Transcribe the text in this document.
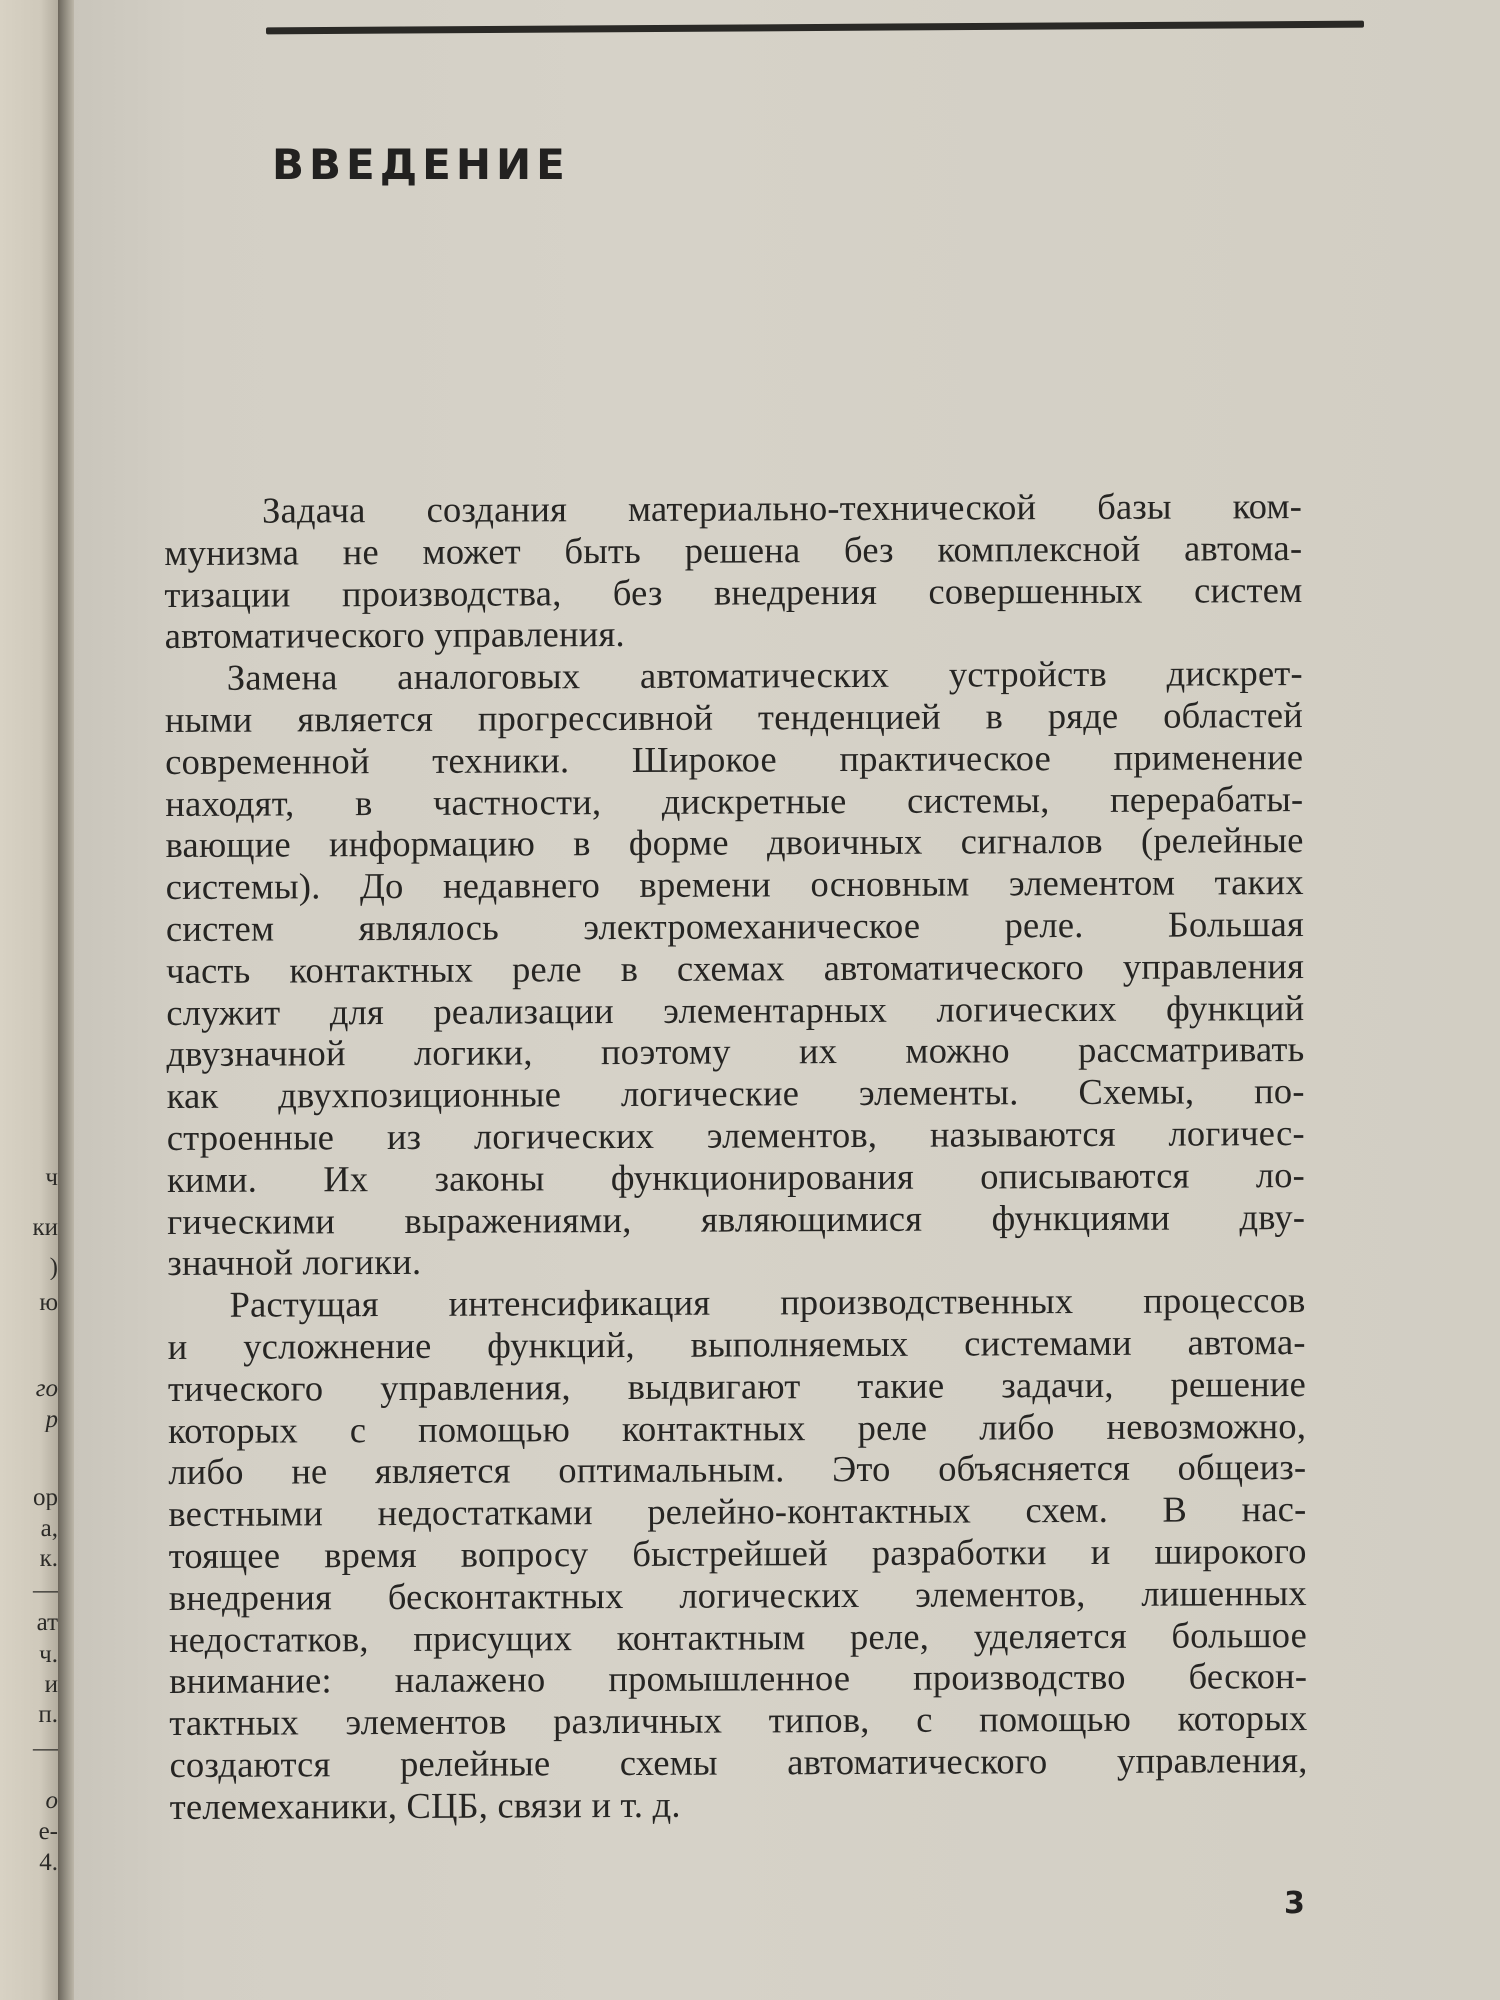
ч
ки
)
ю
го
р
ор
а,
к.
—
ат
ч.
и
п.
—
о
е-
4.
ВВЕДЕНИЕ

Задача создания материально-технической базы ком-
мунизма не может быть решена без комплексной автома-
тизации производства, без внедрения совершенных систем
автоматического управления.

Замена аналоговых автоматических устройств дискрет-
ными является прогрессивной тенденцией в ряде областей
современной техники. Широкое практическое применение
находят, в частности, дискретные системы, перерабаты-
вающие информацию в форме двоичных сигналов (релейные
системы). До недавнего времени основным элементом таких
систем являлось электромеханическое реле. Большая
часть контактных реле в схемах автоматического управления
служит для реализации элементарных логических функций
двузначной логики, поэтому их можно рассматривать
как двухпозиционные логические элементы. Схемы, по-
строенные из логических элементов, называются логичес-
кими. Их законы функционирования описываются ло-
гическими выражениями, являющимися функциями дву-
значной логики.

Растущая интенсификация производственных процессов
и усложнение функций, выполняемых системами автома-
тического управления, выдвигают такие задачи, решение
которых с помощью контактных реле либо невозможно,
либо не является оптимальным. Это объясняется общеиз-
вестными недостатками релейно-контактных схем. В нас-
тоящее время вопросу быстрейшей разработки и широкого
внедрения бесконтактных логических элементов, лишенных
недостатков, присущих контактным реле, уделяется большое
внимание: налажено промышленное производство бескон-
тактных элементов различных типов, с помощью которых
создаются релейные схемы автоматического управления,
телемеханики, СЦБ, связи и т. д.

3
